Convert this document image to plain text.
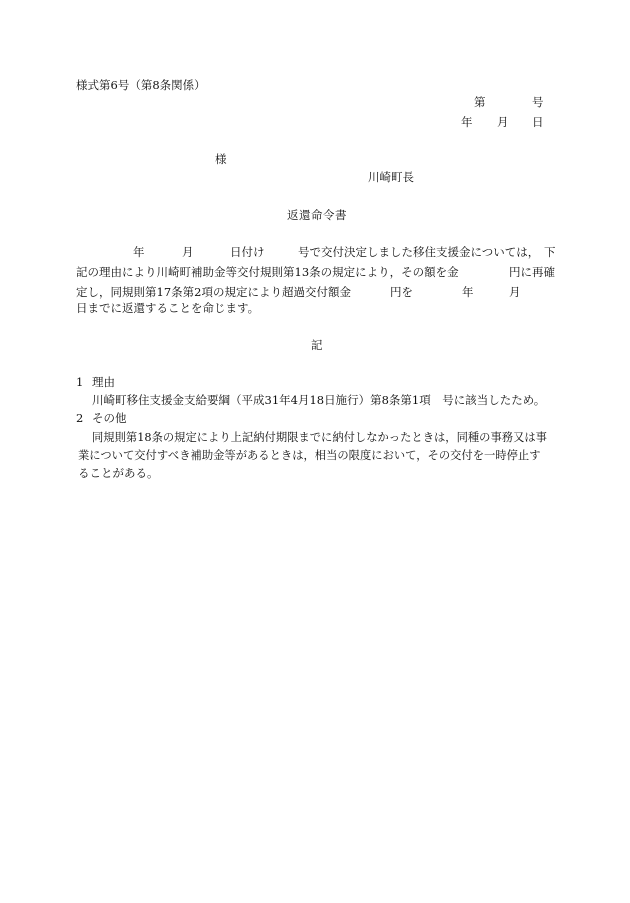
様式第6号（第8条関係）
第	号
年 月 日
様
川崎町長
返還命令書
年	月	日付け	号で交付決定しました移住支援金については， 下
記の理由により川崎町補助金等交付規則第13条の規定により，その額を金	円に再確
定し，同規則第17条第2項の規定により超過交付額金	円を	年	月
日までに返還することを命じます。
記
1 理由
川崎町移住支援金支給要綱（平成31年4月18日施行）第8条第1項　号に該当したため。
2 その他
同規則第18条の規定により上記納付期限までに納付しなかったときは，同種の事務又は事
業について交付すべき補助金等があるときは，相当の限度において，その交付を一時停止す
ることがある。
